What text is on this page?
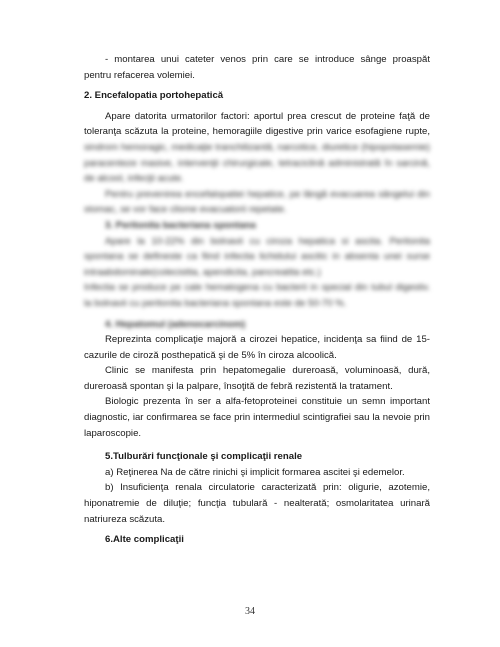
- montarea unui cateter venos prin care se introduce sânge proaspăt
pentru refacerea volemiei.
2. Encefalopatia portohepatică
Apare datorita urmatorilor factori: aportul prea crescut de proteine faţă de
toleranţa scăzuta la proteine, hemoragiile digestive prin varice esofagiene rupte,
sindrom hemoragic, medicaţie tranchilizantă, narcotice, diuretice (hipopotasemie)
paracenteze masive, intervenţii chirurgicale, tetraciclină administrată în sarcină,
de alcool, infecţii acute.
Pentru prevenirea encefalopatiei hepatice, pe lângă evacuarea sângelui din
stomac, se vor face clisme evacuatorii repetate.
3. Peritonita bacteriana spontana
Apare la 10-22% din bolnavii cu ciroza hepatica si ascita. Peritonita
spontana se defineste ca fiind infectia lichidului ascitic in absenta unei surse
intraabdominale(colecistita, apendicita, pancreatita etc.)
Infectia se produce pe cale hematogena cu bacterii in special din tubul digestiv.
la bolnavii cu peritonita bacteriana spontana este de 50-70 %.
4. Hepatomul (adenocarcinom)
Reprezinta complicaţie majoră a cirozei hepatice, incidenţa sa fiind de 15-
cazurile de ciroză posthepatică şi de 5% în ciroza alcoolică.
Clinic se manifesta prin hepatomegalie dureroasă, voluminoasă, dură,
dureroasă spontan şi la palpare, însoţită de febră rezistentă la tratament.
Biologic prezenta în ser a alfa-fetoproteinei constituie un semn important
diagnostic, iar confirmarea se face prin intermediul scintigrafiei sau la nevoie prin
laparoscopie.
5.Tulburări funcţionale şi complicaţii renale
a) Reţinerea Na de către rinichi şi implicit formarea ascitei şi edemelor.
b) Insuficienţa renala circulatorie caracterizată prin: oligurie, azotemie,
hiponatremie de diluţie; funcţia tubulară - nealterată; osmolaritatea urinară
natriureza scăzuta.
6.Alte complicaţii
34
